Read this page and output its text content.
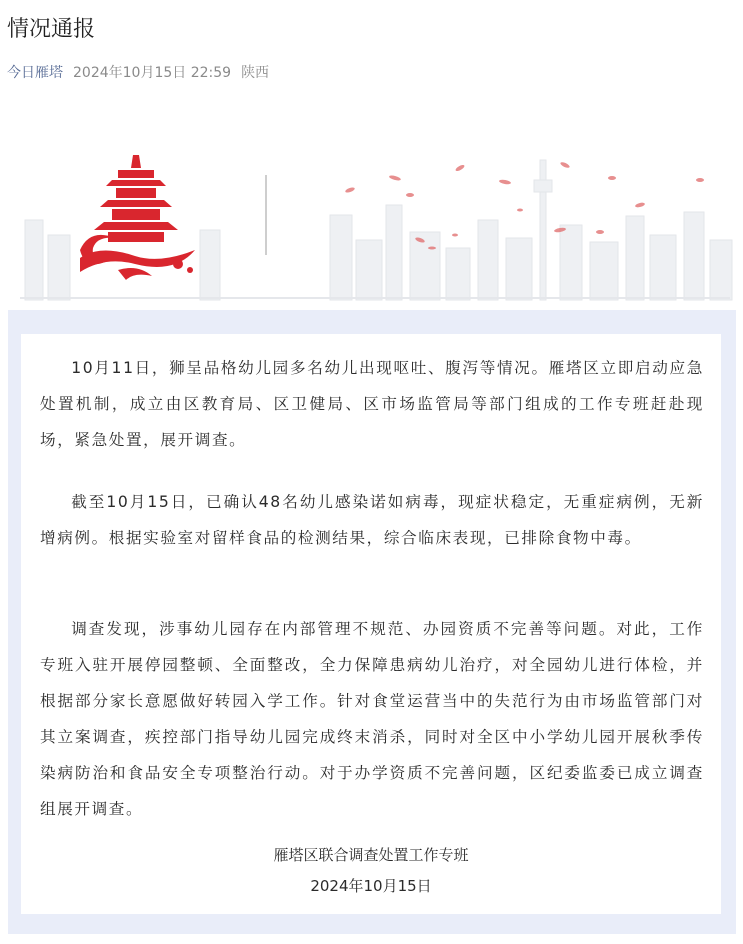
情况通报
今日雁塔 2024年10月15日 22:59 陕西

10月11日，狮呈品格幼儿园多名幼儿出现呕吐、腹泻等情况。雁塔区立即启动应急处置机制，成立由区教育局、区卫健局、区市场监管局等部门组成的工作专班赶赴现场，紧急处置，展开调查。

截至10月15日，已确认48名幼儿感染诺如病毒，现症状稳定，无重症病例，无新增病例。根据实验室对留样食品的检测结果，综合临床表现，已排除食物中毒。

调查发现，涉事幼儿园存在内部管理不规范、办园资质不完善等问题。对此，工作专班入驻开展停园整顿、全面整改，全力保障患病幼儿治疗，对全园幼儿进行体检，并根据部分家长意愿做好转园入学工作。针对食堂运营当中的失范行为由市场监管部门对其立案调查，疾控部门指导幼儿园完成终末消杀，同时对全区中小学幼儿园开展秋季传染病防治和食品安全专项整治行动。对于办学资质不完善问题，区纪委监委已成立调查组展开调查。

雁塔区联合调查处置工作专班

2024年10月15日
